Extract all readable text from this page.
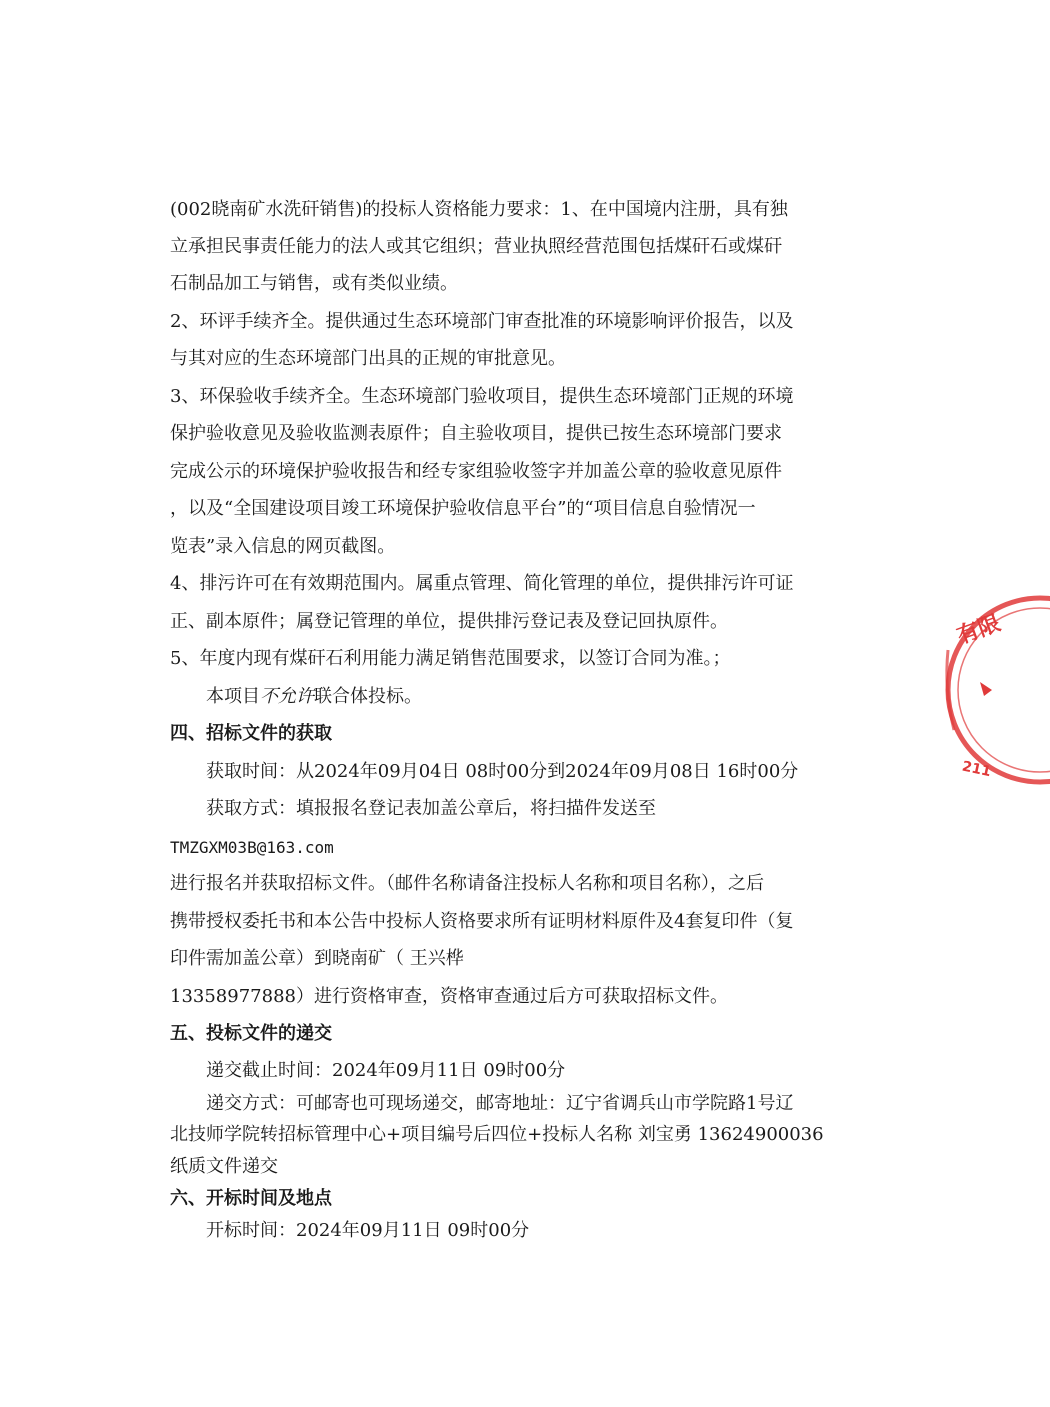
(002晓南矿水洗矸销售)的投标人资格能力要求：1、在中国境内注册，具有独
立承担民事责任能力的法人或其它组织；营业执照经营范围包括煤矸石或煤矸
石制品加工与销售，或有类似业绩。
2、环评手续齐全。提供通过生态环境部门审查批准的环境影响评价报告，以及
与其对应的生态环境部门出具的正规的审批意见。
3、环保验收手续齐全。生态环境部门验收项目，提供生态环境部门正规的环境
保护验收意见及验收监测表原件；自主验收项目，提供已按生态环境部门要求
完成公示的环境保护验收报告和经专家组验收签字并加盖公章的验收意见原件
，以及“全国建设项目竣工环境保护验收信息平台”的“项目信息自验情况一
览表”录入信息的网页截图。
4、排污许可在有效期范围内。属重点管理、简化管理的单位，提供排污许可证
正、副本原件；属登记管理的单位，提供排污登记表及登记回执原件。
5、年度内现有煤矸石利用能力满足销售范围要求，以签订合同为准。；
本项目不允许联合体投标。
四、招标文件的获取
获取时间：从2024年09月04日 08时00分到2024年09月08日 16时00分
获取方式：填报报名登记表加盖公章后，将扫描件发送至
TMZGXM03B@163.com
进行报名并获取招标文件。（邮件名称请备注投标人名称和项目名称），之后
携带授权委托书和本公告中投标人资格要求所有证明材料原件及4套复印件（复
印件需加盖公章）到晓南矿（ 王兴桦
13358977888）进行资格审查，资格审查通过后方可获取招标文件。
五、投标文件的递交
递交截止时间：2024年09月11日 09时00分
递交方式：可邮寄也可现场递交，邮寄地址：辽宁省调兵山市学院路1号辽
北技师学院转招标管理中心+项目编号后四位+投标人名称 刘宝勇 13624900036
纸质文件递交
六、开标时间及地点
开标时间：2024年09月11日 09时00分
有限
211
